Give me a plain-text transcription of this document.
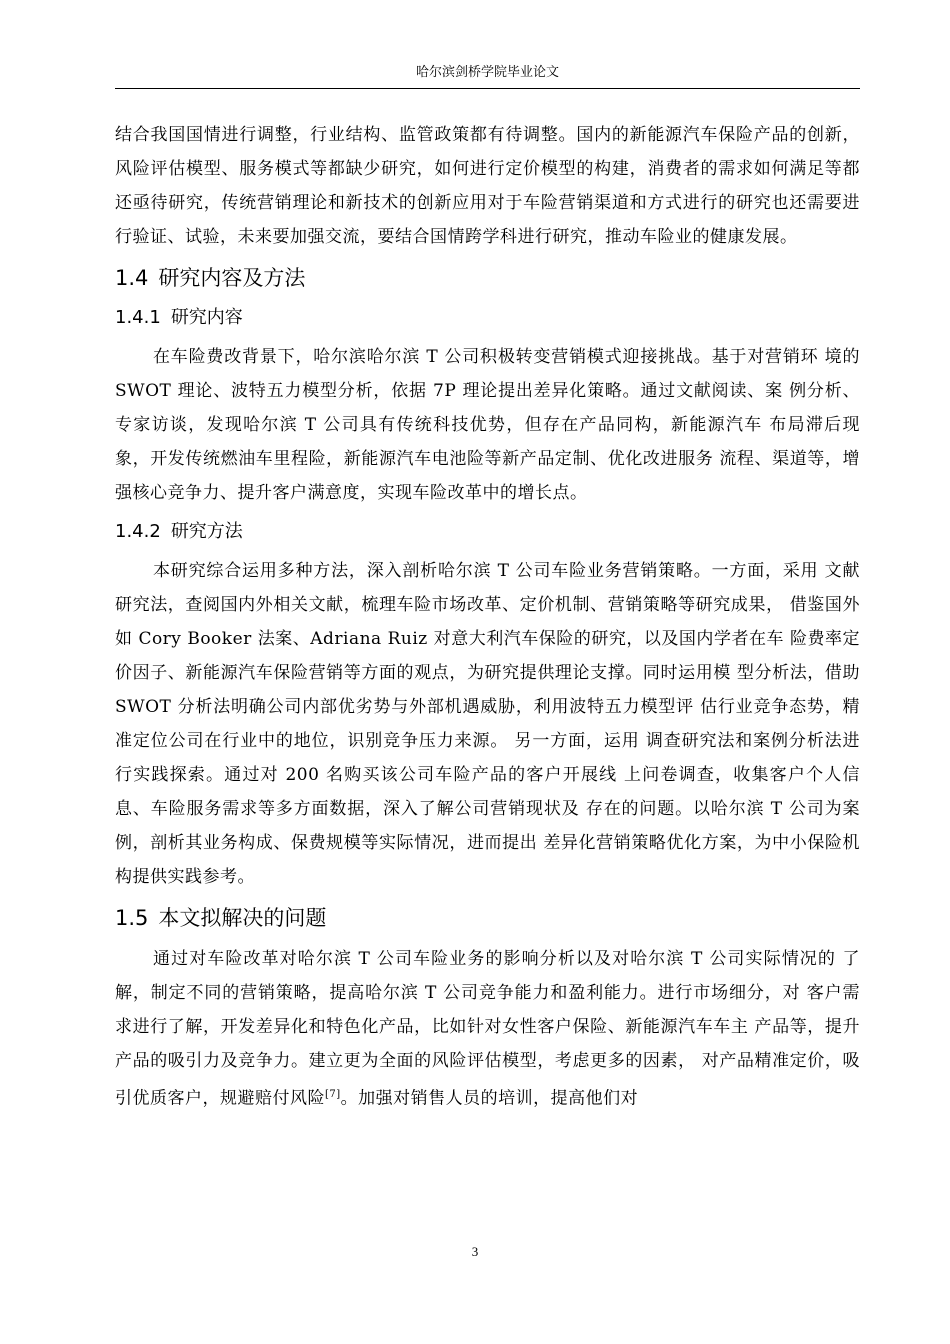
哈尔滨剑桥学院毕业论文

结合我国国情进行调整，行业结构、监管政策都有待调整。国内的新能源汽车保险产品的创新，风险评估模型、服务模式等都缺少研究，如何进行定价模型的构建，消费者的需求如何满足等都还亟待研究，传统营销理论和新技术的创新应用对于车险营销渠道和方式进行的研究也还需要进行验证、试验，未来要加强交流，要结合国情跨学科进行研究，推动车险业的健康发展。

1.4 研究内容及方法
1.4.1 研究内容

在车险费改背景下，哈尔滨哈尔滨 T 公司积极转变营销模式迎接挑战。基于对营销环 境的 SWOT 理论、波特五力模型分析，依据 7P 理论提出差异化策略。通过文献阅读、案 例分析、专家访谈，发现哈尔滨 T 公司具有传统科技优势，但存在产品同构，新能源汽车 布局滞后现象，开发传统燃油车里程险，新能源汽车电池险等新产品定制、优化改进服务 流程、渠道等，增强核心竞争力、提升客户满意度，实现车险改革中的增长点。

1.4.2 研究方法

本研究综合运用多种方法，深入剖析哈尔滨 T 公司车险业务营销策略。一方面，采用 文献研究法，查阅国内外相关文献，梳理车险市场改革、定价机制、营销策略等研究成果， 借鉴国外如 Cory Booker 法案、Adriana Ruiz 对意大利汽车保险的研究，以及国内学者在车 险费率定价因子、新能源汽车保险营销等方面的观点，为研究提供理论支撑。同时运用模 型分析法，借助 SWOT 分析法明确公司内部优劣势与外部机遇威胁，利用波特五力模型评 估行业竞争态势，精准定位公司在行业中的地位，识别竞争压力来源。 另一方面，运用 调查研究法和案例分析法进行实践探索。通过对 200 名购买该公司车险产品的客户开展线 上问卷调查，收集客户个人信息、车险服务需求等多方面数据，深入了解公司营销现状及 存在的问题。以哈尔滨 T 公司为案例，剖析其业务构成、保费规模等实际情况，进而提出 差异化营销策略优化方案，为中小保险机构提供实践参考。

1.5 本文拟解决的问题

通过对车险改革对哈尔滨 T 公司车险业务的影响分析以及对哈尔滨 T 公司实际情况的 了解，制定不同的营销策略，提高哈尔滨 T 公司竞争能力和盈利能力。进行市场细分，对 客户需求进行了解，开发差异化和特色化产品，比如针对女性客户保险、新能源汽车车主 产品等，提升产品的吸引力及竞争力。建立更为全面的风险评估模型，考虑更多的因素， 对产品精准定价，吸引优质客户，规避赔付风险[7]。加强对销售人员的培训，提高他们对

3
